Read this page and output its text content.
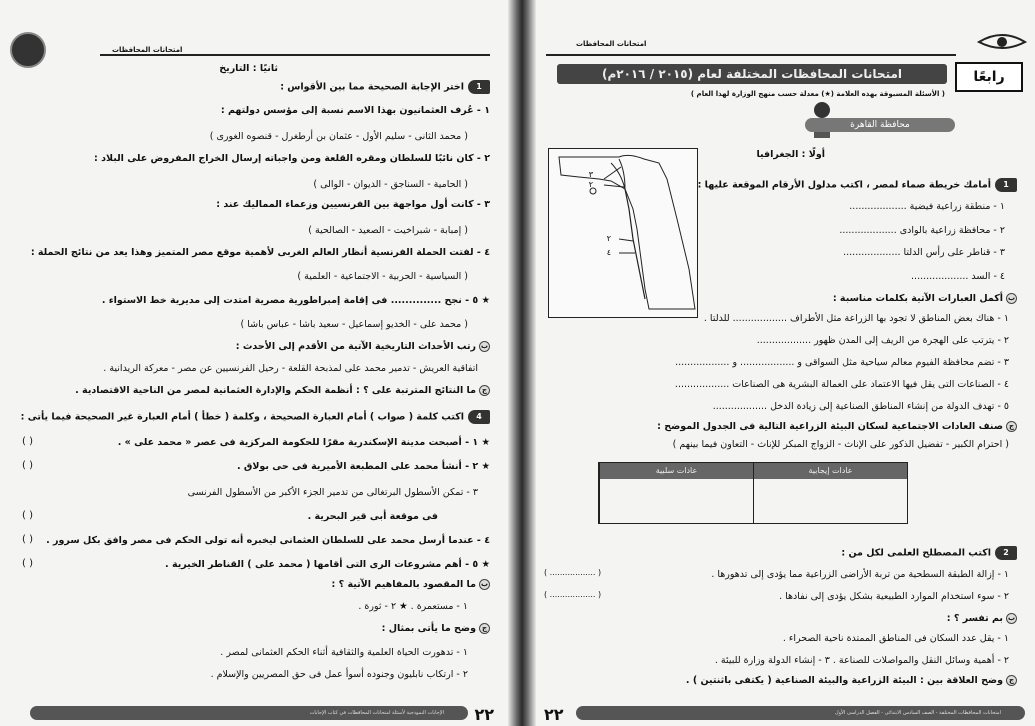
امتحانات المحافظات
ثانيًا : التاريخ
1اختر الإجابة الصحيحة مما بين الأقواس :
١ - عُرف العثمانيون بهذا الاسم نسبة إلى مؤسس دولتهم :
( محمد الثانى - سليم الأول - عثمان بن أرطغرل - قنصوه الغورى )
٢ - كان نائبًا للسلطان ومقره القلعة ومن واجباته إرسال الخراج المفروض على البلاد :
( الحامية - السناجق - الديوان - الوالى )
٣ - كانت أول مواجهة بين الفرنسيين وزعماء المماليك عند :
( إمبابة - شبراخيت - الصعيد - الصالحية )
٤ - لفتت الحملة الفرنسية أنظار العالم الغربى لأهمية موقع مصر المتميز وهذا يعد من نتائج الحملة :
( السياسية - الحربية - الاجتماعية - العلمية )
★ ٥ - نجح .............. فى إقامة إمبراطورية مصرية امتدت إلى مديرية خط الاستواء .
( محمد على - الخديو إسماعيل - سعيد باشا - عباس باشا )
برتب الأحداث التاريخية الآتية من الأقدم إلى الأحدث :
اتفاقية العريش - تدمير محمد على لمذبحة القلعة - رحيل الفرنسيين عن مصر - معركة الريدانية .
جما النتائج المترتبة على ؟ : أنظمة الحكم والإدارة العثمانية لمصر من الناحية الاقتصادية .
4اكتب كلمة ( صواب ) أمام العبارة الصحيحة ، وكلمة ( خطأ ) أمام العبارة غير الصحيحة فيما يأتى :
★ ١ - أصبحت مدينة الإسكندرية مقرًا للحكومة المركزية فى عصر « محمد على » .
( )
★ ٢ - أنشأ محمد على المطبعة الأميرية فى حى بولاق .
( )
٣ - تمكن الأسطول البرتغالى من تدمير الجزء الأكبر من الأسطول الفرنسى
فى موقعة أبى قير البحرية .
( )
٤ - عندما أرسل محمد على للسلطان العثمانى ليخبره أنه تولى الحكم فى مصر وافق بكل سرور .
( )
★ ٥ - أهم مشروعات الرى التى أقامها ( محمد على ) القناطر الخيرية .
( )
بما المقصود بالمفاهيم الآتية ؟ :
١ - مستعمرة . ★ ٢ - ثورة .
جوضح ما يأتى بمثال :
١ - تدهورت الحياة العلمية والثقافية أثناء الحكم العثمانى لمصر .
٢ - ارتكاب نابليون وجنوده أسوأ عمل فى حق المصريين والإسلام .
الإجابات النموذجية لأسئلة امتحانات المحافظات في كتاب الإجابات	٢٢
امتحانات المحافظات
رابعًا
امتحانات المحافظات المختلفة لعام (٢٠١٥ / ٢٠١٦م)
( الأسئلة المسبوقة بهذه العلامة (★) معدلة حسب منهج الوزارة لهذا العام )
محافظة القاهرة
أولًا : الجغرافيا
٣
٢
٢
٤
1أمامك خريطة صماء لمصر ، اكتب مدلول الأرقام الموقعة عليها :
١ - منطقة زراعية فيضية ...................
٢ - محافظة زراعية بالوادى ...................
٣ - قناطر على رأس الدلتا ...................
٤ - السد ...................
بأكمل العبارات الآتية بكلمات مناسبة :
١ - هناك بعض المناطق لا تجود بها الزراعة مثل الأطراف .................. للدلتا .
٢ - يترتب على الهجرة من الريف إلى المدن ظهور ..................
٣ - تضم محافظة الفيوم معالم سياحية مثل السواقى و .................. و ..................
٤ - الصناعات التى يقل فيها الاعتماد على العمالة البشرية هى الصناعات ..................
٥ - تهدف الدولة من إنشاء المناطق الصناعية إلى زيادة الدخل ..................
جصنف العادات الاجتماعية لسكان البيئة الزراعية التالية فى الجدول الموضح :
( احترام الكبير - تفضيل الذكور على الإناث - الزواج المبكر للإناث - التعاون فيما بينهم )
عادات إيجابية
عادات سلبية
2اكتب المصطلح العلمى لكل من :
١ - إزالة الطبقة السطحية من تربة الأراضى الزراعية مما يؤدى إلى تدهورها .
( .................. )
٢ - سوء استخدام الموارد الطبيعية بشكل يؤدى إلى نفادها .
( .................. )
ببم تفسر ؟ :
١ - يقل عدد السكان فى المناطق الممتدة ناحية الصحراء .
٢ - أهمية وسائل النقل والمواصلات للصناعة . ٣ - إنشاء الدولة وزارة للبيئة .
جوضح العلاقة بين : البيئة الزراعية والبيئة الصناعية ( يكتفى باثنتين ) .
امتحانات المحافظات المختلفة - الصف السادس الابتدائى - الفصل الدراسى الأول
٢٢
